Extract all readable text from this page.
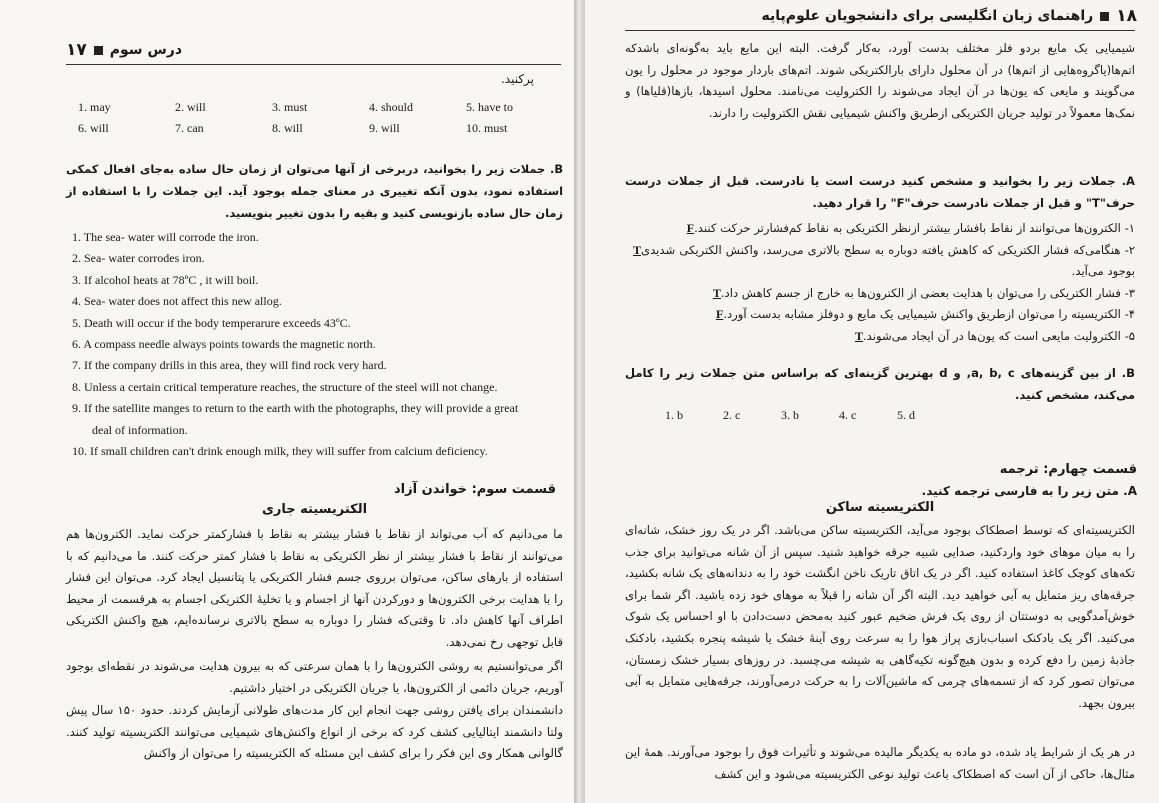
۱۷ درس سوم
پرکنید.
1. may	2. will	3. must	4. should	5. have to
6. will	7. can	8. will	9. will	10. must
B. جملات زیر را بخوانید، دربرخی از آنها می‌توان از زمان حال ساده به‌جای افعال کمکی استفاده نمود، بدون آنکه تغییری در معنای جمله بوجود آید. این جملات را با استفاده از زمان حال ساده بازنویسی کنید و بقیه را بدون تغییر بنویسید.
1. The sea- water will corrode the iron.
2. Sea- water corrodes iron.
3. If alcohol heats at 78ºC , it will boil.
4. Sea- water does not affect this new allog.
5. Death will occur if the body temperarure exceeds 43ºC.
6. A compass needle always points towards the magnetic north.
7. If the company drills in this area, they will find rock very hard.
8. Unless a certain critical temperature reaches, the structure of the steel will not change.
9. If the satellite manges to return to the earth with the photographs, they will provide a great
deal of information.
10. If small children can't drink enough milk, they will suffer from calcium deficiency.
قسمت سوم: خواندن آزاد
الکتریسیته جاری
ما می‌دانیم که آب می‌تواند از نقاط با فشار بیشتر به نقاط با فشارکمتر حرکت نماید. الکترون‌ها هم می‌توانند از نقاط با فشار بیشتر از نظر الکتریکی به نقاط با فشار کمتر حرکت کنند. ما می‌دانیم که با استفاده از بارهای ساکن، می‌توان برروی جسم فشار الکتریکی یا پتانسیل ایجاد کرد. می‌توان این فشار را با هدایت برخی الکترون‌ها و دورکردن آنها از اجسام و یا تخلیهٔ الکتریکی اجسام به هرقسمت از محیط اطراف آنها کاهش داد. تا وقتی‌که فشار را دوباره به سطح بالاتری نرسانده‌ایم، هیچ واکنش الکتریکی قابل توجهی رخ نمی‌دهد.
اگر می‌توانستیم به روشی الکترون‌ها را با همان سرعتی که به بیرون هدایت می‌شوند در نقطه‌ای بوجود آوریم، جریان دائمی از الکترون‌ها، یا جریان الکتریکی در اختیار داشتیم.
دانشمندان برای یافتن روشی جهت انجام این کار مدت‌های طولانی آزمایش کردند. حدود ۱۵۰ سال پیش ولتا دانشمند ایتالیایی کشف کرد که برخی از انواع واکنش‌های شیمیایی می‌توانند الکتریسیته تولید کنند. گالوانی همکار وی این فکر را برای کشف این مسئله که الکتریسیته را می‌توان از واکنش
۱۸
راهنمای زبان انگلیسی برای دانشجویان علوم‌پایه
شیمیایی یک مایع بردو فلز مختلف بدست آورد، به‌کار گرفت. البته این مایع باید به‌گونه‌ای باشدکه اتم‌ها(یاگروه‌هایی از اتم‌ها) در آن محلول دارای بارالکتریکی شوند. اتم‌های باردار موجود در محلول را یون می‌گویند و مایعی که یون‌ها در آن ایجاد می‌شوند را الکترولیت می‌نامند. محلول اسیدها، بازها(قلیاها) و نمک‌ها معمولاً در تولید جریان الکتریکی ازطریق واکنش شیمیایی نقش الکترولیت را دارند.
A. جملات زیر را بخوانید و مشخص کنید درست است یا نادرست. قبل از جملات درست حرف"T" و قبل از جملات نادرست حرف"F" را قرار دهید.
۱- الکترون‌ها می‌توانند از نقاط بافشار بیشتر ازنظر الکتریکی به نقاط کم‌فشارتر حرکت کنند.
F
۲- هنگامی‌که فشار الکتریکی که کاهش یافته دوباره به سطح بالاتری می‌رسد، واکنش الکتریکی شدیدی بوجود می‌آید.
T
۳- فشار الکتریکی را می‌توان با هدایت بعضی از الکترون‌ها به خارج از جسم کاهش داد.
T
۴- الکتریسیته را می‌توان ازطریق واکنش شیمیایی یک مایع و دوفلز مشابه بدست آورد.
F
۵- الکترولیت مایعی است که یون‌ها در آن ایجاد می‌شوند.
T
B. از بین گزینه‌های a, b, c, و d بهترین گزینه‌ای که براساس متن جملات زیر را کامل می‌کند، مشخص کنید.
1. b	2. c	3. b	4. c	5. d
قسمت چهارم: ترجمه
A. متن زیر را به فارسی ترجمه کنید.
الکتریسیته ساکن
الکتریسیته‌ای که توسط اصطکاک بوجود می‌آید، الکتریسیته ساکن می‌باشد. اگر در یک روز خشک، شانه‌ای را به میان موهای خود واردکنید، صدایی شبیه جرقه خواهید شنید. سپس از آن شانه می‌توانید برای جذب تکه‌های کوچک کاغذ استفاده کنید. اگر در یک اتاق تاریک ناخن انگشت خود را به دندانه‌های یک شانه بکشید، جرقه‌های ریز متمایل به آبی خواهید دید. البته اگر آن شانه را قبلاً به موهای خود زده باشید. اگر شما برای خوش‌آمدگویی به دوستتان از روی یک فرش ضخیم عبور کنید به‌محض دست‌دادن با او احساس یک شوک می‌کنید. اگر یک بادکنک اسباب‌بازی پراز هوا را به سرعت روی آینهٔ خشک یا شیشه پنجره بکشید، بادکنک جاذبهٔ زمین را دفع کرده و بدون هیچ‌گونه تکیه‌گاهی به شیشه می‌چسبد. در روزهای بسیار خشک زمستان، می‌توان تصور کرد که از تسمه‌های چرمی که ماشین‌آلات را به حرکت درمی‌آورند، جرقه‌هایی متمایل به آبی بیرون بجهد.
در هر یک از شرایط یاد شده، دو ماده به یکدیگر مالیده می‌شوند و تأثیرات فوق را بوجود می‌آورند. همهٔ این مثال‌ها، حاکی از آن است که اصطکاک باعث تولید نوعی الکتریسیته می‌شود و این کشف
